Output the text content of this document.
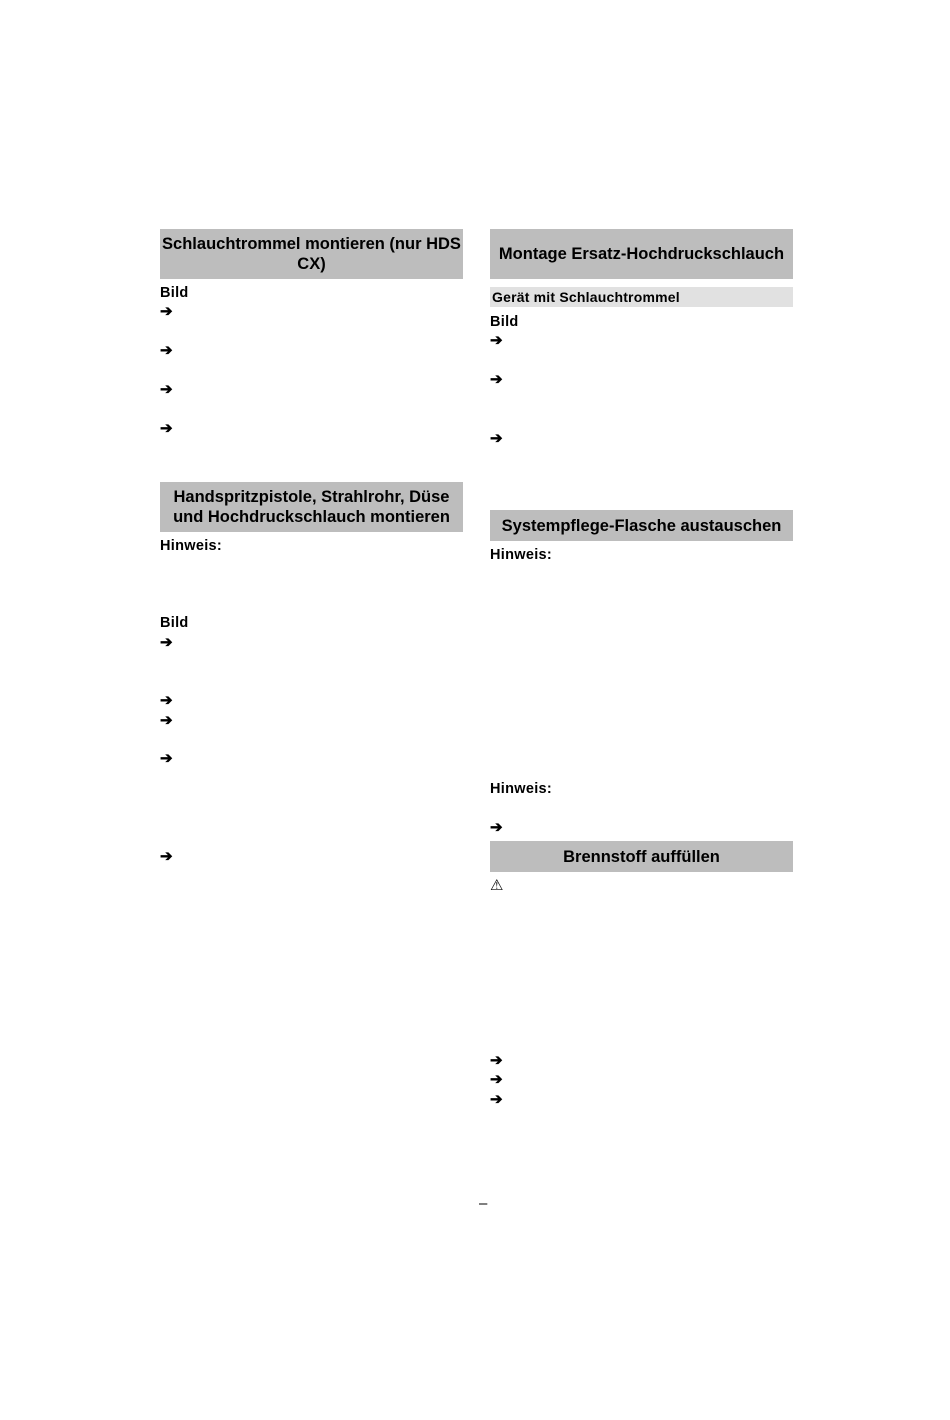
Schlauchtrommel montieren (nur HDS CX)
Bild
➔
➔
➔
➔
Handspritzpistole, Strahlrohr, Düse und Hochdruckschlauch montieren
Hinweis:
Bild
➔
➔
➔
➔
➔
Montage Ersatz-Hochdruckschlauch
Gerät mit Schlauchtrommel
Bild
➔
➔
➔
Systempflege-Flasche austauschen
Hinweis:
Hinweis:
➔
Brennstoff auffüllen
⚠
➔
➔
➔
–
